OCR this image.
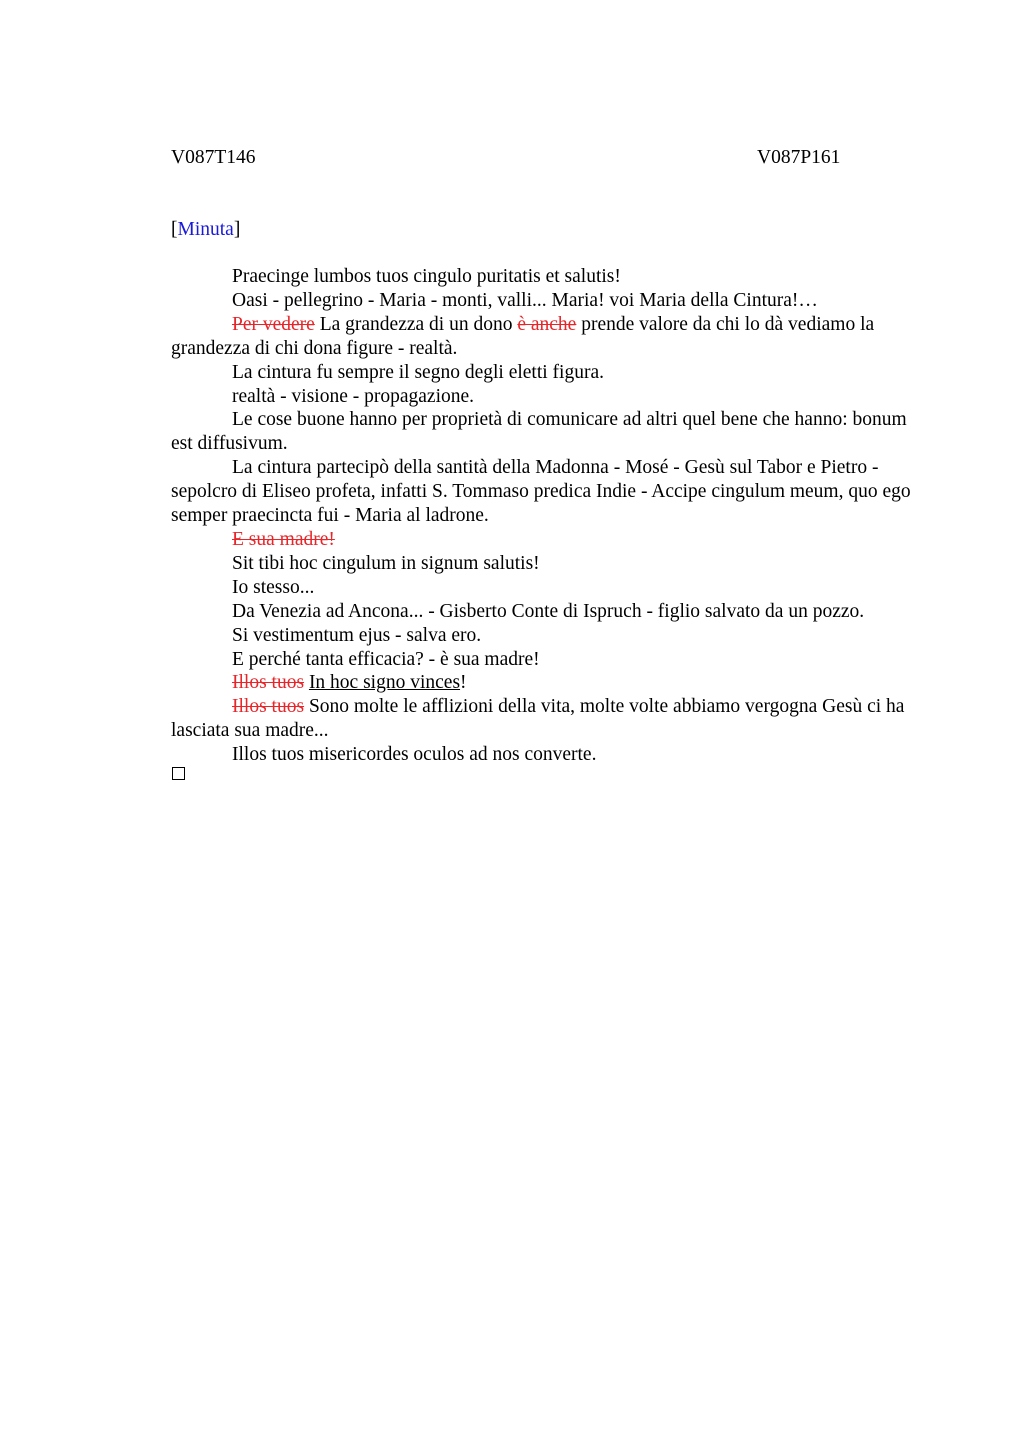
V087T146	V087P161
[Minuta]

Praecinge lumbos tuos cingulo puritatis et salutis!

Oasi - pellegrino - Maria - monti, valli... Maria! voi Maria della Cintura!…

Per vedere La grandezza di un dono è anche prende valore da chi lo dà vediamo la grandezza di chi dona figure - realtà.

La cintura fu sempre il segno degli eletti figura.

realtà - visione - propagazione.

Le cose buone hanno per proprietà di comunicare ad altri quel bene che hanno: bonum est diffusivum.

La cintura partecipò della santità della Madonna - Mosé - Gesù sul Tabor e Pietro - sepolcro di Eliseo profeta, infatti S. Tommaso predica Indie - Accipe cingulum meum, quo ego semper praecincta fui - Maria al ladrone.

E sua madre!

Sit tibi hoc cingulum in signum salutis!

Io stesso...

Da Venezia ad Ancona... - Gisberto Conte di Ispruch - figlio salvato da un pozzo.

Si vestimentum ejus - salva ero.

E perché tanta efficacia? - è sua madre!

Illos tuos In hoc signo vinces!

Illos tuos Sono molte le afflizioni della vita, molte volte abbiamo vergogna Gesù ci ha lasciata sua madre...

Illos tuos misericordes oculos ad nos converte.
